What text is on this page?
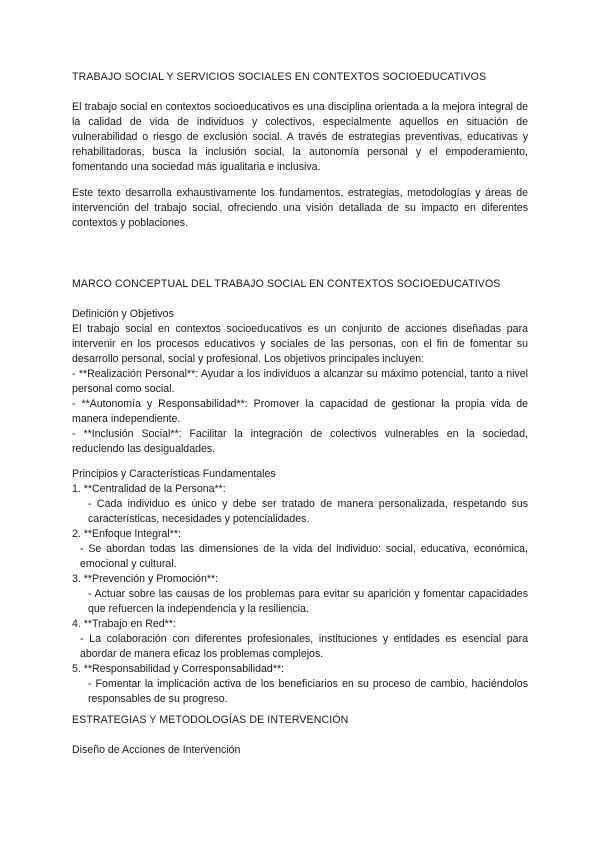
TRABAJO SOCIAL Y SERVICIOS SOCIALES EN CONTEXTOS SOCIOEDUCATIVOS

El trabajo social en contextos socioeducativos es una disciplina orientada a la mejora integral de la calidad de vida de individuos y colectivos, especialmente aquellos en situación de vulnerabilidad o riesgo de exclusión social. A través de estrategias preventivas, educativas y rehabilitadoras, busca la inclusión social, la autonomía personal y el empoderamiento, fomentando una sociedad más igualitaria e inclusiva.

Este texto desarrolla exhaustivamente los fundamentos, estrategias, metodologías y áreas de intervención del trabajo social, ofreciendo una visión detallada de su impacto en diferentes contextos y poblaciones.

MARCO CONCEPTUAL DEL TRABAJO SOCIAL EN CONTEXTOS SOCIOEDUCATIVOS
Definición y Objetivos

El trabajo social en contextos socioeducativos es un conjunto de acciones diseñadas para intervenir en los procesos educativos y sociales de las personas, con el fin de fomentar su desarrollo personal, social y profesional. Los objetivos principales incluyen:

- **Realización Personal**: Ayudar a los individuos a alcanzar su máximo potencial, tanto a nivel personal como social.

- **Autonomía y Responsabilidad**: Promover la capacidad de gestionar la propia vida de manera independiente.

- **Inclusión Social**: Facilitar la integración de colectivos vulnerables en la sociedad, reduciendo las desigualdades.

Principios y Características Fundamentales
1. **Centralidad de la Persona**:
- Cada individuo es único y debe ser tratado de manera personalizada, respetando sus características, necesidades y potencialidades.
2. **Enfoque Integral**:
- Se abordan todas las dimensiones de la vida del individuo: social, educativa, económica, emocional y cultural.
3. **Prevención y Promoción**:
- Actuar sobre las causas de los problemas para evitar su aparición y fomentar capacidades que refuercen la independencia y la resiliencia.
4. **Trabajo en Red**:
- La colaboración con diferentes profesionales, instituciones y entidades es esencial para abordar de manera eficaz los problemas complejos.
5. **Responsabilidad y Corresponsabilidad**:
- Fomentar la implicación activa de los beneficiarios en su proceso de cambio, haciéndolos responsables de su progreso.
ESTRATEGIAS Y METODOLOGÍAS DE INTERVENCIÓN
Diseño de Acciones de Intervención
